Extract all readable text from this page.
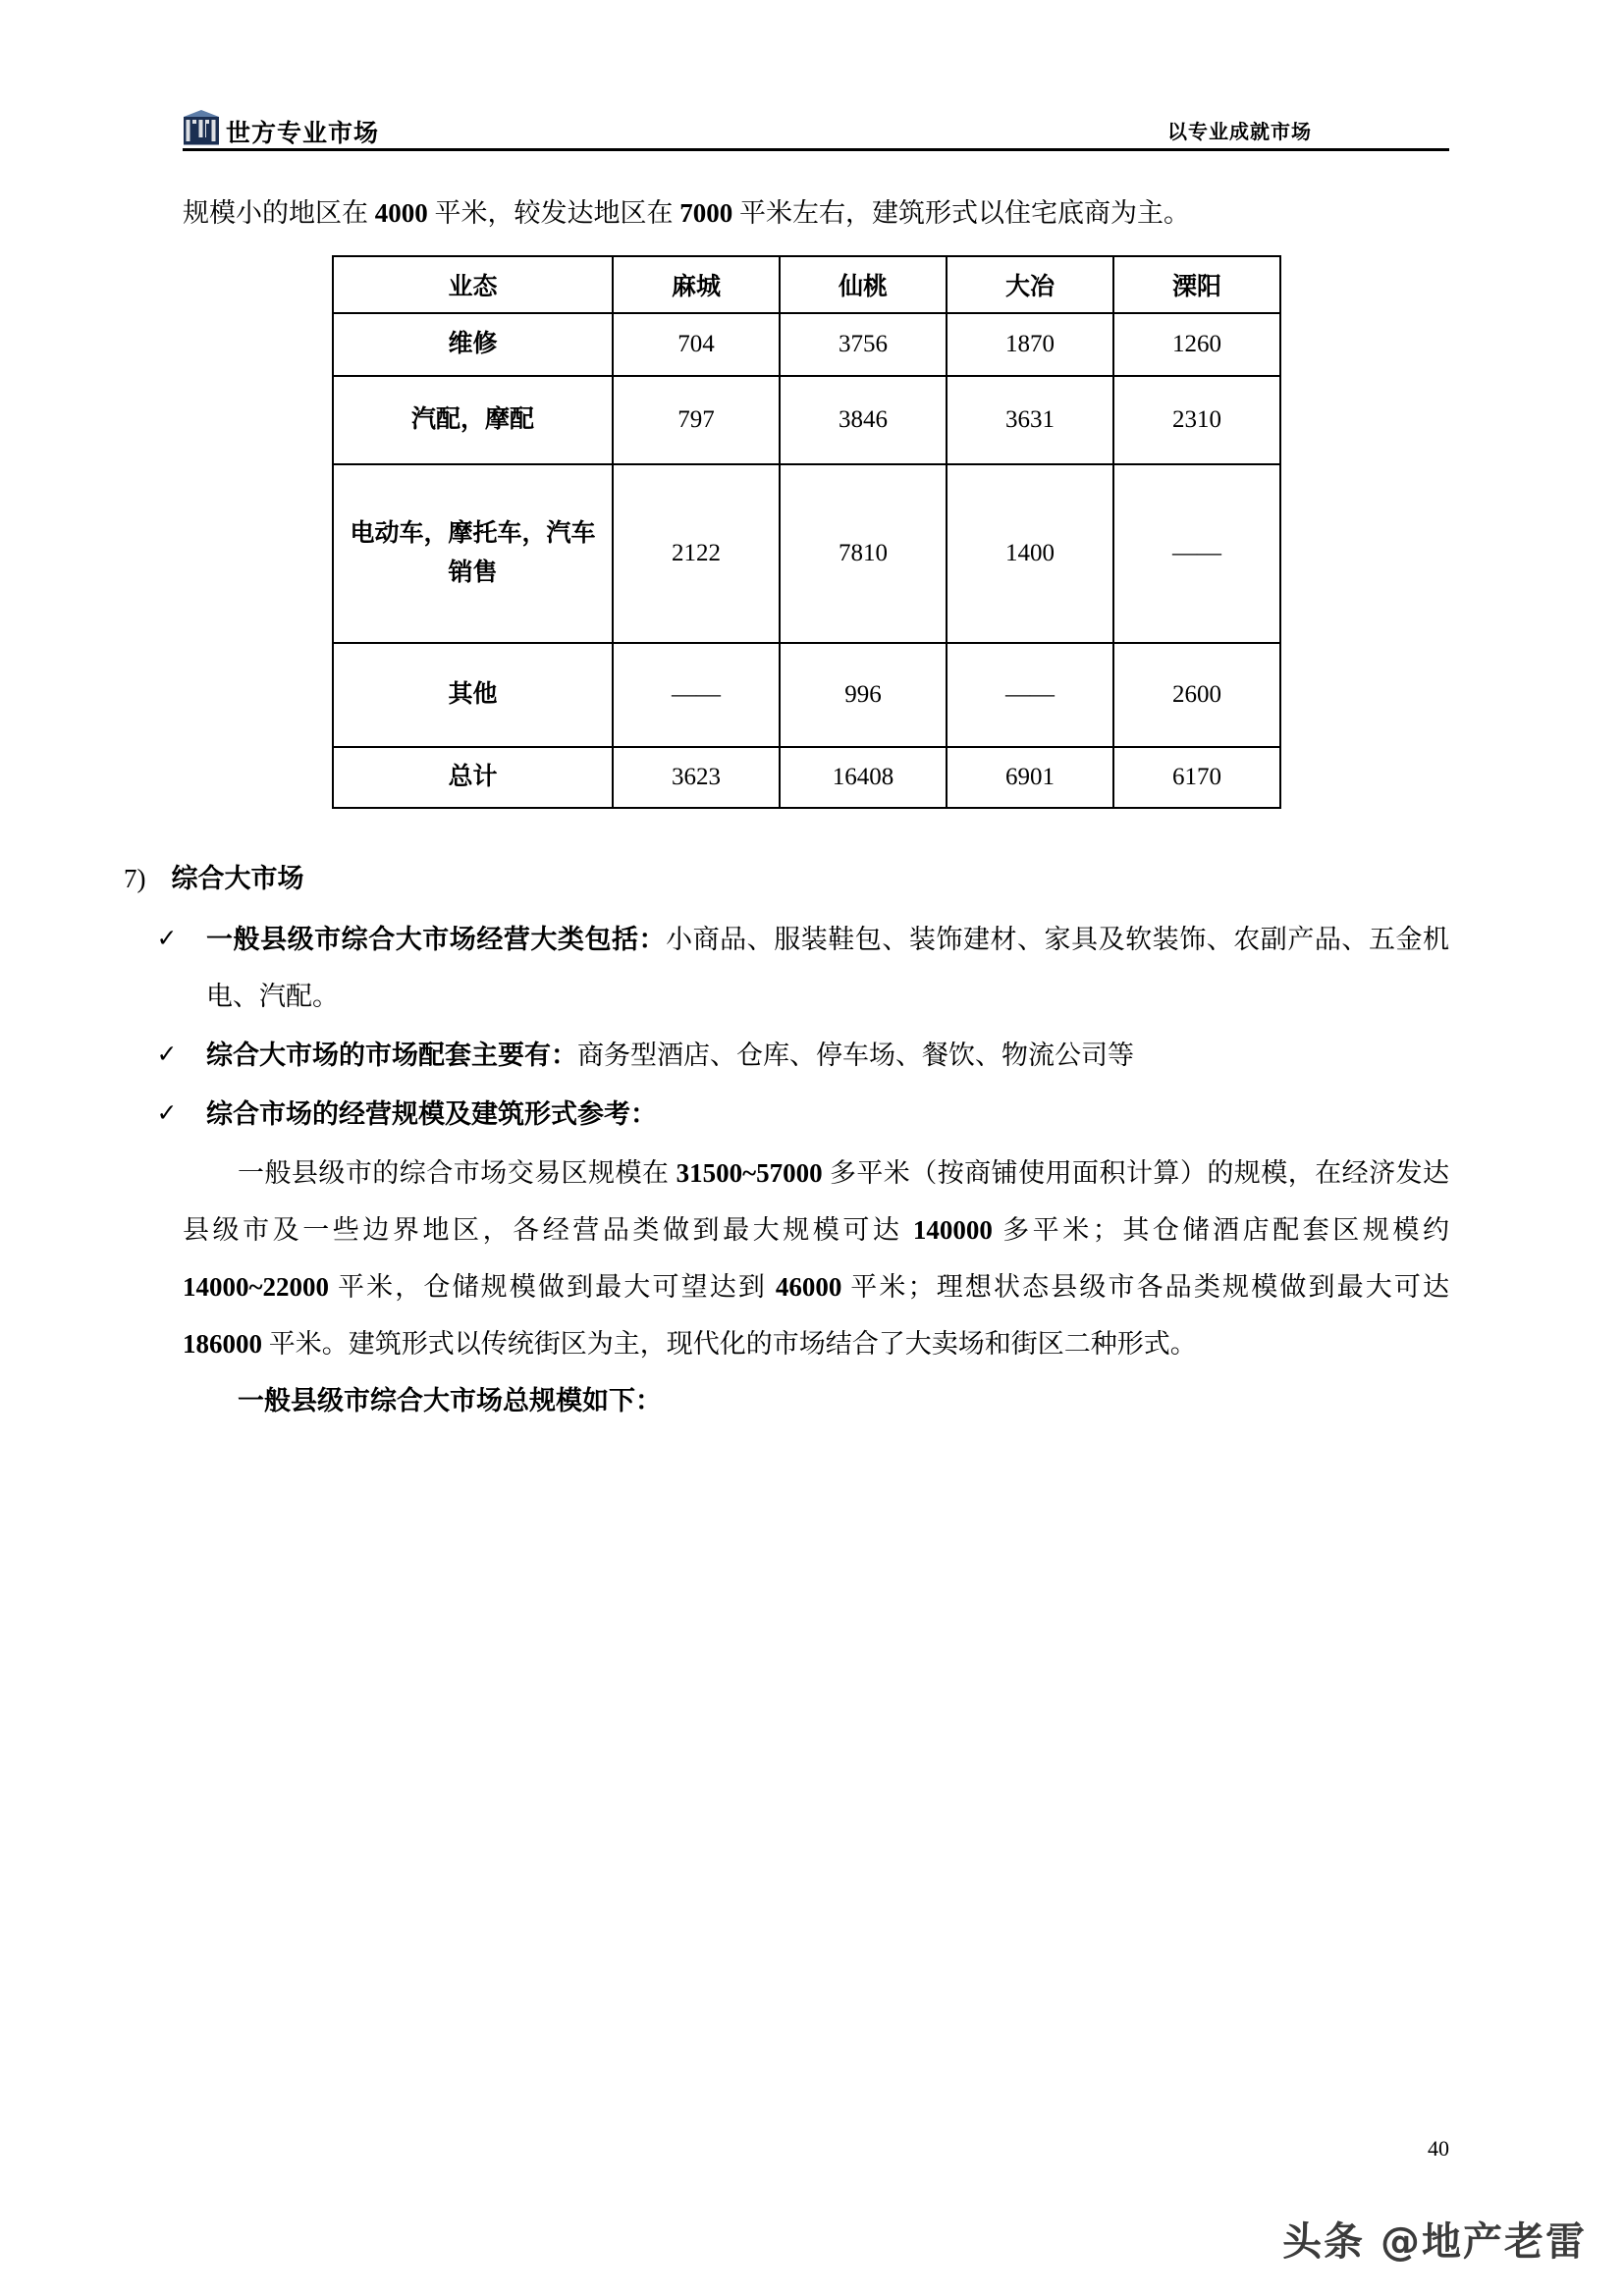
世方专业市场	以专业成就市场

规模小的地区在 4000 平米，较发达地区在 7000 平米左右，建筑形式以住宅底商为主。

业态	麻城	仙桃	大冶	溧阳
维修	704	3756	1870	1260
汽配，摩配	797	3846	3631	2310
电动车，摩托车，汽车销售	2122	7810	1400	——
其他	——	996	——	2600
总计	3623	16408	6901	6170
7) 综合大市场
✓ 一般县级市综合大市场经营大类包括：小商品、服装鞋包、装饰建材、家具及软装饰、农副产品、五金机电、汽配。
✓ 综合大市场的市场配套主要有：商务型酒店、仓库、停车场、餐饮、物流公司等
✓ 综合市场的经营规模及建筑形式参考：

一般县级市的综合市场交易区规模在 31500~57000 多平米（按商铺使用面积计算）的规模，在经济发达县级市及一些边界地区，各经营品类做到最大规模可达 140000 多平米；其仓储酒店配套区规模约 14000~22000 平米，仓储规模做到最大可望达到 46000 平米；理想状态县级市各品类规模做到最大可达 186000 平米。建筑形式以传统街区为主，现代化的市场结合了大卖场和街区二种形式。

一般县级市综合大市场总规模如下：

40
头条 @地产老雷
